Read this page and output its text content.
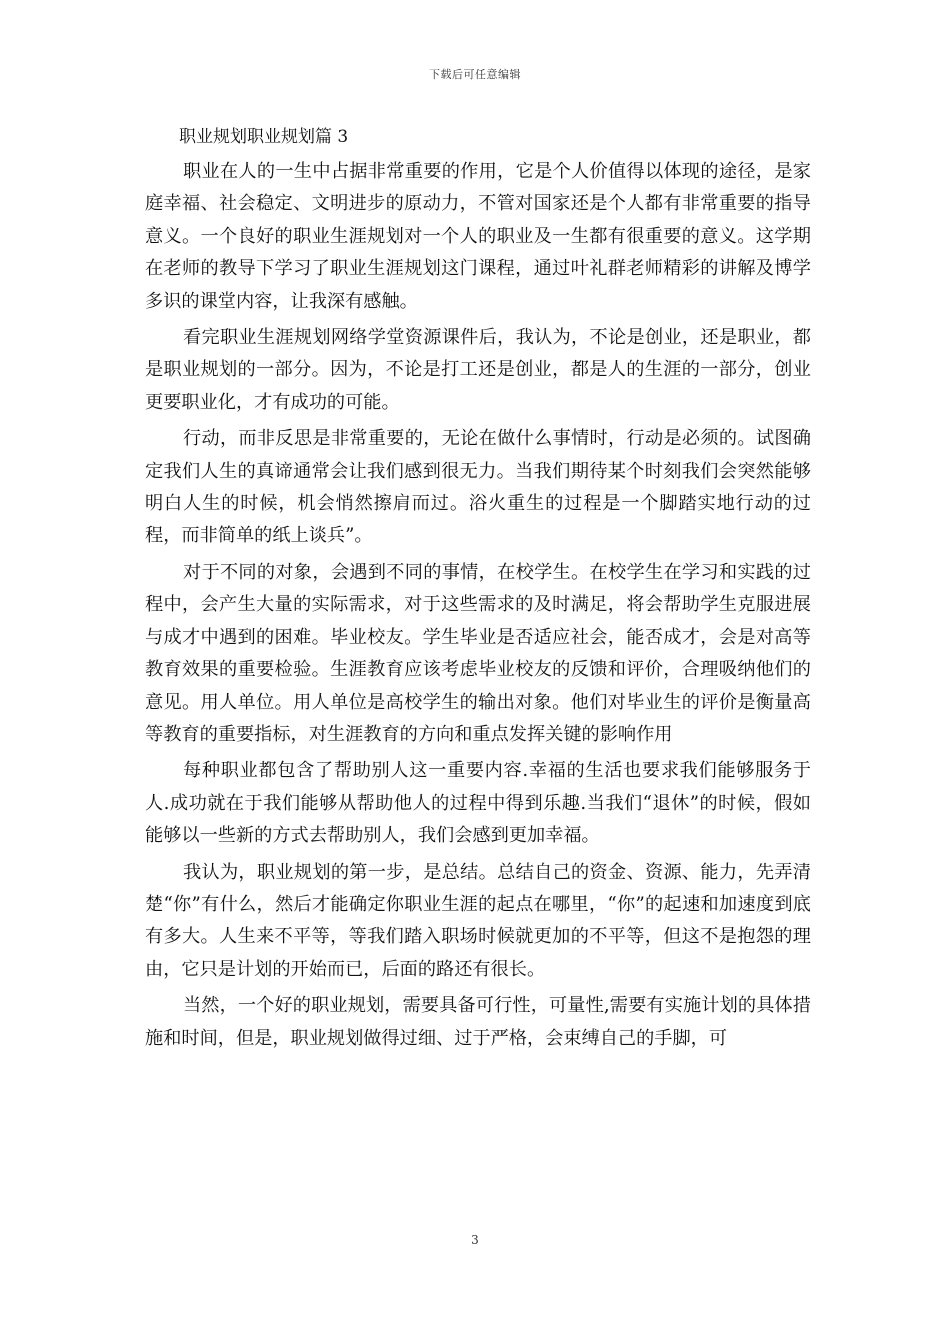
下载后可任意编辑
职业规划职业规划篇 3

职业在人的一生中占据非常重要的作用，它是个人价值得以体现的途径，是家庭幸福、社会稳定、文明进步的原动力，不管对国家还是个人都有非常重要的指导意义。一个良好的职业生涯规划对一个人的职业及一生都有很重要的意义。这学期在老师的教导下学习了职业生涯规划这门课程，通过叶礼群老师精彩的讲解及博学多识的课堂内容，让我深有感触。

看完职业生涯规划网络学堂资源课件后，我认为，不论是创业，还是职业，都是职业规划的一部分。因为，不论是打工还是创业，都是人的生涯的一部分，创业更要职业化，才有成功的可能。

行动，而非反思是非常重要的，无论在做什么事情时，行动是必须的。试图确定我们人生的真谛通常会让我们感到很无力。当我们期待某个时刻我们会突然能够明白人生的时候，机会悄然擦肩而过。浴火重生的过程是一个脚踏实地行动的过程，而非简单的纸上谈兵”。

对于不同的对象，会遇到不同的事情，在校学生。在校学生在学习和实践的过程中，会产生大量的实际需求，对于这些需求的及时满足，将会帮助学生克服进展与成才中遇到的困难。毕业校友。学生毕业是否适应社会，能否成才，会是对高等教育效果的重要检验。生涯教育应该考虑毕业校友的反馈和评价，合理吸纳他们的意见。用人单位。用人单位是高校学生的输出对象。他们对毕业生的评价是衡量高等教育的重要指标，对生涯教育的方向和重点发挥关键的影响作用

每种职业都包含了帮助别人这一重要内容.幸福的生活也要求我们能够服务于人.成功就在于我们能够从帮助他人的过程中得到乐趣.当我们“退休”的时候，假如能够以一些新的方式去帮助别人，我们会感到更加幸福。

我认为，职业规划的第一步，是总结。总结自己的资金、资源、能力，先弄清楚“你”有什么，然后才能确定你职业生涯的起点在哪里，“你”的起速和加速度到底有多大。人生来不平等，等我们踏入职场时候就更加的不平等，但这不是抱怨的理由，它只是计划的开始而已，后面的路还有很长。

当然，一个好的职业规划，需要具备可行性，可量性,需要有实施计划的具体措施和时间，但是，职业规划做得过细、过于严格，会束缚自己的手脚，可

3
